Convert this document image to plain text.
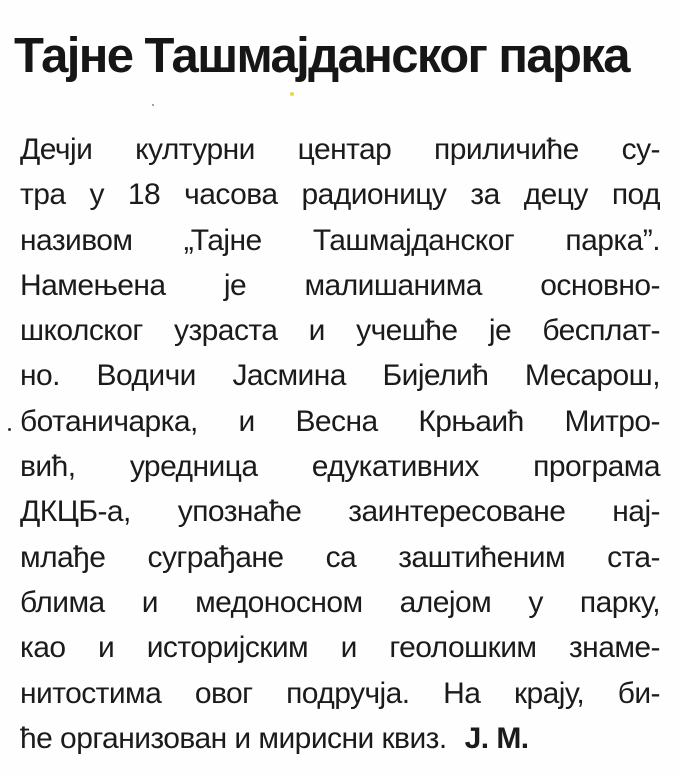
Тајне Ташмајданског парка
Дечји културни центар приличиће су-
тра у 18 часова радионицу за децу под
називом „Тајне Ташмајданског парка”.
Намењена је малишанима основно-
школског узраста и учешће је бесплат-
но. Водичи Јасмина Бијелић Месарош,
ботаничарка, и Весна Крњаић Митро-
вић, уредница едукативних програма
ДКЦБ-а, упознаће заинтересоване нај-
млађе суграђане са заштићеним ста-
блима и медоносном алејом у парку,
као и историјским и геолошким знаме-
нитостима овог подручја. На крају, би-
ће организован и мирисни квиз. J. M.
